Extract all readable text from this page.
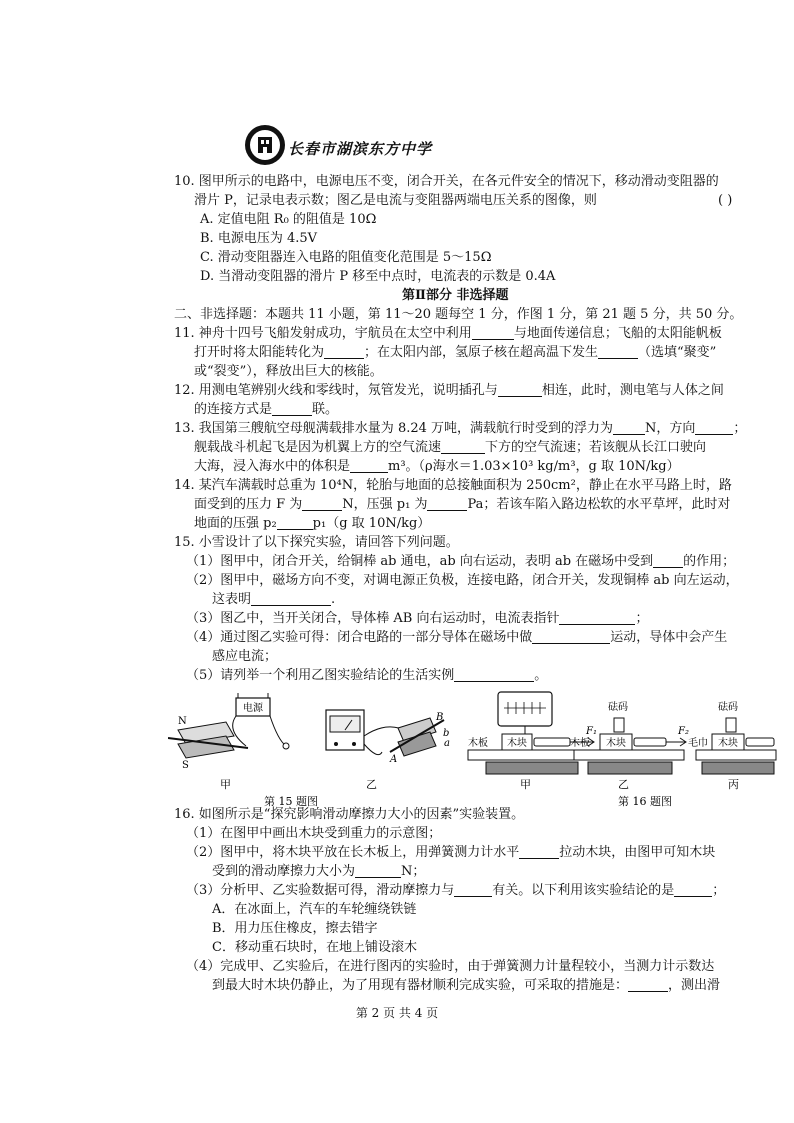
长春市湖滨东方中学
10. 图甲所示的电路中，电源电压不变，闭合开关，在各元件安全的情况下，移动滑动变阻器的
滑片 P，记录电表示数；图乙是电流与变阻器两端电压关系的图像，则	( )
A. 定值电阻 R₀ 的阻值是 10Ω
B. 电源电压为 4.5V
C. 滑动变阻器连入电路的阻值变化范围是 5～15Ω
D. 当滑动变阻器的滑片 P 移至中点时，电流表的示数是 0.4A
第Ⅱ部分 非选择题
二、非选择题：本题共 11 小题，第 11～20 题每空 1 分，作图 1 分，第 21 题 5 分，共 50 分。
11. 神舟十四号飞船发射成功，宇航员在太空中利用	与地面传递信息；飞船的太阳能帆板
打开时将太阳能转化为	；在太阳内部，氢原子核在超高温下发生	（选填“聚变”
或“裂变”），释放出巨大的核能。
12. 用测电笔辨别火线和零线时，氖管发光，说明插孔与	相连，此时，测电笔与人体之间
的连接方式是	联。
13. 我国第三艘航空母舰满载排水量为 8.24 万吨，满载航行时受到的浮力为 N，方向	；
舰载战斗机起飞是因为机翼上方的空气流速	下方的空气流速；若该舰从长江口驶向
大海，浸入海水中的体积是	m³。（ρ海水＝1.03×10³ kg/m³，g 取 10N/kg）
14. 某汽车满载时总重为 10⁴N，轮胎与地面的总接触面积为 250cm²，静止在水平马路上时，路
面受到的压力 F 为	N，压强 p₁ 为	Pa；若该车陷入路边松软的水平草坪，此时对
地面的压强 p₂	p₁（g 取 10N/kg）
15. 小雪设计了以下探究实验，请回答下列问题。
（1）图甲中，闭合开关，给铜棒 ab 通电，ab 向右运动，表明 ab 在磁场中受到 的作用；
（2）图甲中，磁场方向不变，对调电源正负极，连接电路，闭合开关，发现铜棒 ab 向左运动，
这表明	.
（3）图乙中，当开关闭合，导体棒 AB 向右运动时，电流表指针	；
（4）通过图乙实验可得：闭合电路的一部分导体在磁场中做	运动，导体中会产生
感应电流；
（5）请列举一个利用乙图实验结论的生活实例	。
电源
N
S
甲
B
A
b
a
乙
第 15 题图
木块
木板
F₁
甲
砝码
木块
木板
F₂
乙
砝码
木块
毛巾
丙
第 16 题图
16. 如图所示是“探究影响滑动摩擦力大小的因素”实验装置。
（1）在图甲中画出木块受到重力的示意图；
（2）图甲中，将木块平放在长木板上，用弹簧测力计水平	拉动木块，由图甲可知木块
受到的滑动摩擦力大小为	N；
（3）分析甲、乙实验数据可得，滑动摩擦力与	有关。以下利用该实验结论的是	；
A．在冰面上，汽车的车轮缠绕铁链
B．用力压住橡皮，擦去错字
C．移动重石块时，在地上铺设滚木
（4）完成甲、乙实验后，在进行图丙的实验时，由于弹簧测力计量程较小，当测力计示数达
到最大时木块仍静止，为了用现有器材顺利完成实验，可采取的措施是：	，测出滑
第 2 页 共 4 页
